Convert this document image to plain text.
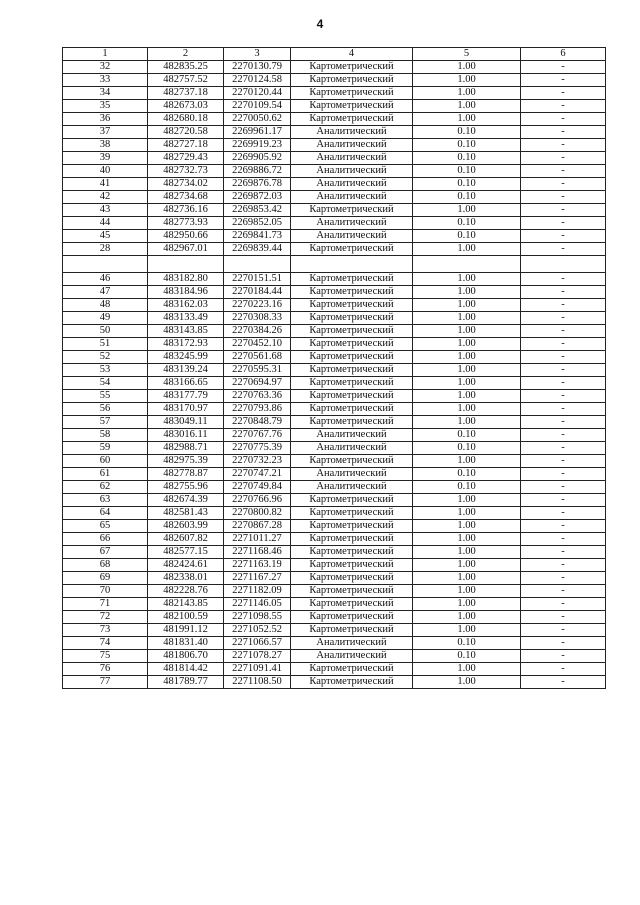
4
1	2	3	4	5	6
32	482835.25	2270130.79	Картометрический	1.00	-
33	482757.52	2270124.58	Картометрический	1.00	-
34	482737.18	2270120.44	Картометрический	1.00	-
35	482673.03	2270109.54	Картометрический	1.00	-
36	482680.18	2270050.62	Картометрический	1.00	-
37	482720.58	2269961.17	Аналитический	0.10	-
38	482727.18	2269919.23	Аналитический	0.10	-
39	482729.43	2269905.92	Аналитический	0.10	-
40	482732.73	2269886.72	Аналитический	0.10	-
41	482734.02	2269876.78	Аналитический	0.10	-
42	482734.68	2269872.03	Аналитический	0.10	-
43	482736.16	2269853.42	Картометрический	1.00	-
44	482773.93	2269852.05	Аналитический	0.10	-
45	482950.66	2269841.73	Аналитический	0.10	-
28	482967.01	2269839.44	Картометрический	1.00	-

46	483182.80	2270151.51	Картометрический	1.00	-
47	483184.96	2270184.44	Картометрический	1.00	-
48	483162.03	2270223.16	Картометрический	1.00	-
49	483133.49	2270308.33	Картометрический	1.00	-
50	483143.85	2270384.26	Картометрический	1.00	-
51	483172.93	2270452.10	Картометрический	1.00	-
52	483245.99	2270561.68	Картометрический	1.00	-
53	483139.24	2270595.31	Картометрический	1.00	-
54	483166.65	2270694.97	Картометрический	1.00	-
55	483177.79	2270763.36	Картометрический	1.00	-
56	483170.97	2270793.86	Картометрический	1.00	-
57	483049.11	2270848.79	Картометрический	1.00	-
58	483016.11	2270767.76	Аналитический	0.10	-
59	482988.71	2270775.39	Аналитический	0.10	-
60	482975.39	2270732.23	Картометрический	1.00	-
61	482778.87	2270747.21	Аналитический	0.10	-
62	482755.96	2270749.84	Аналитический	0.10	-
63	482674.39	2270766.96	Картометрический	1.00	-
64	482581.43	2270800.82	Картометрический	1.00	-
65	482603.99	2270867.28	Картометрический	1.00	-
66	482607.82	2271011.27	Картометрический	1.00	-
67	482577.15	2271168.46	Картометрический	1.00	-
68	482424.61	2271163.19	Картометрический	1.00	-
69	482338.01	2271167.27	Картометрический	1.00	-
70	482228.76	2271182.09	Картометрический	1.00	-
71	482143.85	2271146.05	Картометрический	1.00	-
72	482100.59	2271098.55	Картометрический	1.00	-
73	481991.12	2271052.52	Картометрический	1.00	-
74	481831.40	2271066.57	Аналитический	0.10	-
75	481806.70	2271078.27	Аналитический	0.10	-
76	481814.42	2271091.41	Картометрический	1.00	-
77	481789.77	2271108.50	Картометрический	1.00	-
